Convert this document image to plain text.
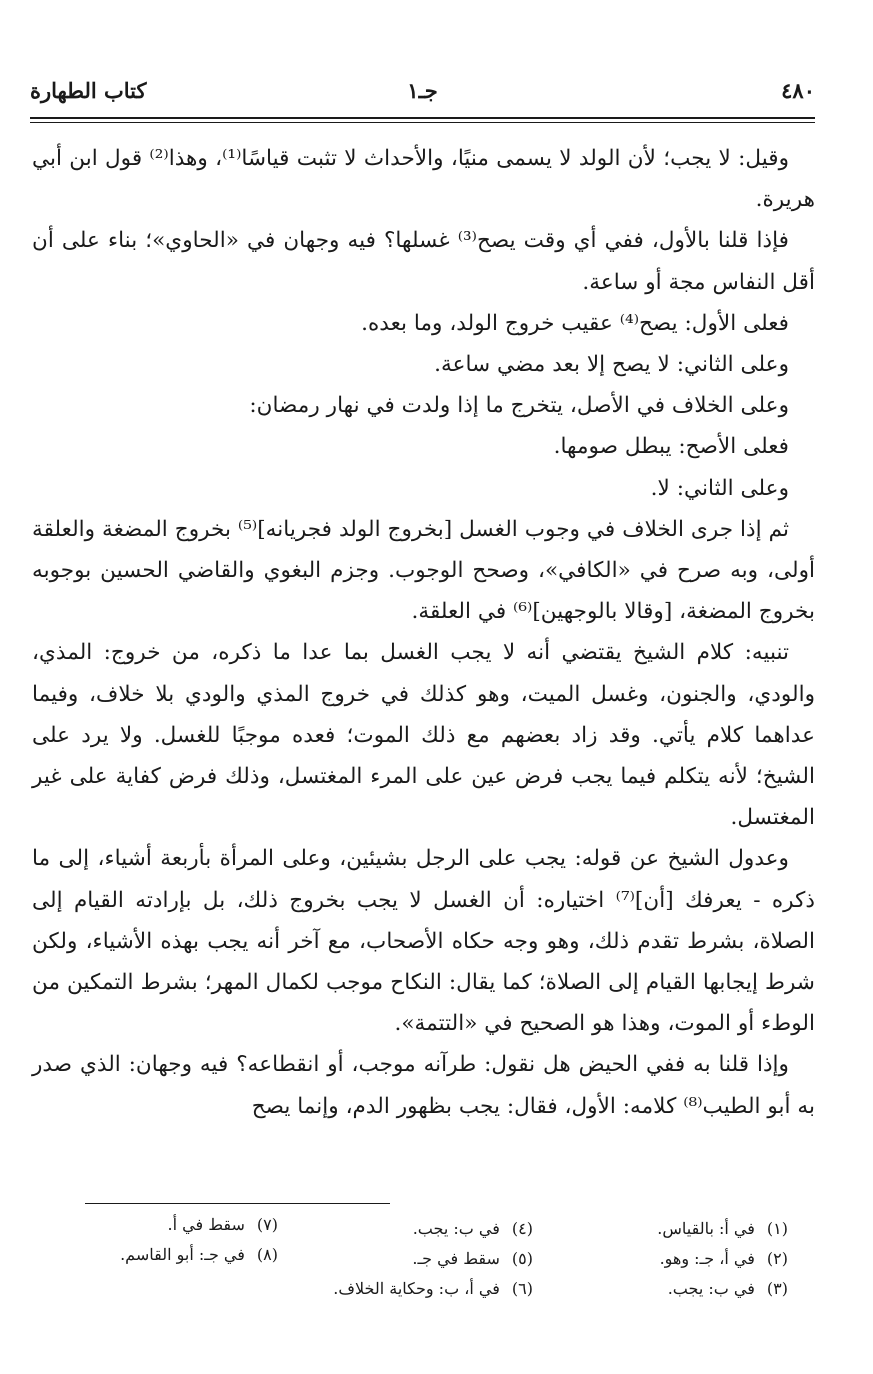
٤٨٠
جـ١
كتاب الطهارة

وقيل: لا يجب؛ لأن الولد لا يسمى منيًا، والأحداث لا تثبت قياسًا⁽¹⁾، وهذا⁽²⁾ قول ابن أبي هريرة.

فإذا قلنا بالأول، ففي أي وقت يصح⁽³⁾ غسلها؟ فيه وجهان في «الحاوي»؛ بناء على أن أقل النفاس مجة أو ساعة.

فعلى الأول: يصح⁽⁴⁾ عقيب خروج الولد، وما بعده.

وعلى الثاني: لا يصح إلا بعد مضي ساعة.

وعلى الخلاف في الأصل، يتخرج ما إذا ولدت في نهار رمضان:

فعلى الأصح: يبطل صومها.

وعلى الثاني: لا.

ثم إذا جرى الخلاف في وجوب الغسل [بخروج الولد فجريانه]⁽⁵⁾ بخروج المضغة والعلقة أولى، وبه صرح في «الكافي»، وصحح الوجوب. وجزم البغوي والقاضي الحسين بوجوبه بخروج المضغة، [وقالا بالوجهين]⁽⁶⁾ في العلقة.

تنبيه: كلام الشيخ يقتضي أنه لا يجب الغسل بما عدا ما ذكره، من خروج: المذي، والودي، والجنون، وغسل الميت، وهو كذلك في خروج المذي والودي بلا خلاف، وفيما عداهما كلام يأتي. وقد زاد بعضهم مع ذلك الموت؛ فعده موجبًا للغسل. ولا يرد على الشيخ؛ لأنه يتكلم فيما يجب فرض عين على المرء المغتسل، وذلك فرض كفاية على غير المغتسل.

وعدول الشيخ عن قوله: يجب على الرجل بشيئين، وعلى المرأة بأربعة أشياء، إلى ما ذكره - يعرفك [أن]⁽⁷⁾ اختياره: أن الغسل لا يجب بخروج ذلك، بل بإرادته القيام إلى الصلاة، بشرط تقدم ذلك، وهو وجه حكاه الأصحاب، مع آخر أنه يجب بهذه الأشياء، ولكن شرط إيجابها القيام إلى الصلاة؛ كما يقال: النكاح موجب لكمال المهر؛ بشرط التمكين من الوطء أو الموت، وهذا هو الصحيح في «التتمة».

وإذا قلنا به ففي الحيض هل نقول: طرآنه موجب، أو انقطاعه؟ فيه وجهان: الذي صدر به أبو الطيب⁽⁸⁾ كلامه: الأول، فقال: يجب بظهور الدم، وإنما يصح

(١)في أ: بالقياس.
(٢)في أ، جـ: وهو.
(٣)في ب: يجب.
(٤)في ب: يجب.
(٥)سقط في جـ.
(٦)في أ، ب: وحكاية الخلاف.
(٧)سقط في أ.
(٨)في جـ: أبو القاسم.
